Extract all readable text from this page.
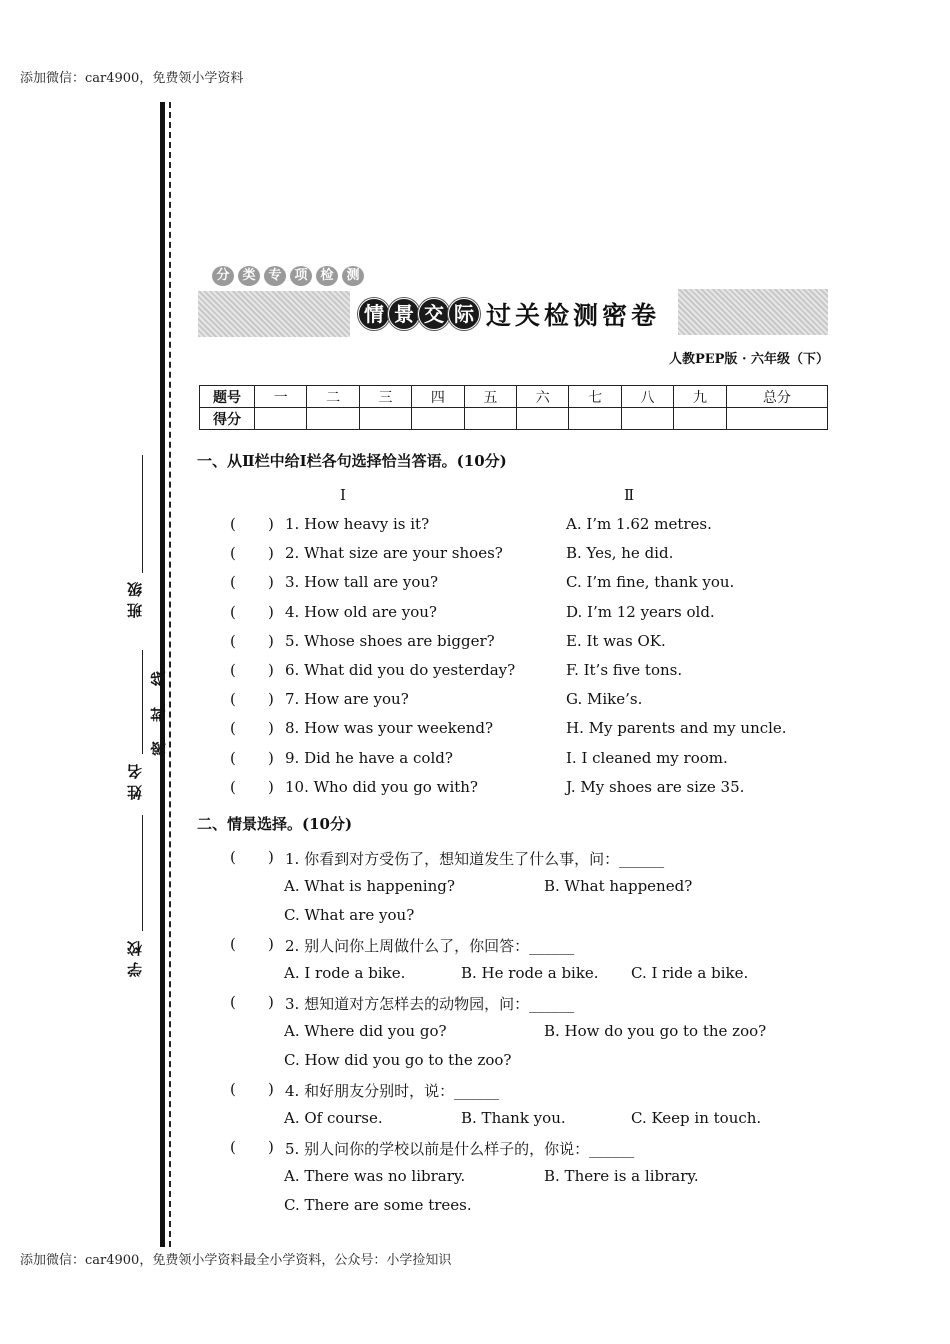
添加微信：car4900，免费领小学资料
添加微信：car4900，免费领小学资料最全小学资料，公众号：小学捡知识
班级
姓名
学校
密
封
线
分 类 专 项 检 测
情 景 交 际 过关检测密卷
人教PEP版 · 六年级（下）
题号	一	二	三	四	五	六	七	八	九	总分
得分										
一、从Ⅱ栏中给Ⅰ栏各句选择恰当答语。(10分)
Ⅰ	Ⅱ
( ) 1. How heavy is it?	A. I’m 1.62 metres.
( ) 2. What size are your shoes?	B. Yes, he did.
( ) 3. How tall are you?	C. I’m fine, thank you.
( ) 4. How old are you?	D. I’m 12 years old.
( ) 5. Whose shoes are bigger?	E. It was OK.
( ) 6. What did you do yesterday?	F. It’s five tons.
( ) 7. How are you?	G. Mike’s.
( ) 8. How was your weekend?	H. My parents and my uncle.
( ) 9. Did he have a cold?	I. I cleaned my room.
( ) 10. Who did you go with?	J. My shoes are size 35.
二、情景选择。(10分)
( ) 1. 你看到对方受伤了，想知道发生了什么事，问：______
A. What is happening?	B. What happened?
C. What are you?
( ) 2. 别人问你上周做什么了，你回答：______
A. I rode a bike.	B. He rode a bike. C. I ride a bike.
( ) 3. 想知道对方怎样去的动物园，问：______
A. Where did you go?	B. How do you go to the zoo?
C. How did you go to the zoo?
( ) 4. 和好朋友分别时，说：______
A. Of course.	B. Thank you.	C. Keep in touch.
( ) 5. 别人问你的学校以前是什么样子的，你说：______
A. There was no library.	B. There is a library.
C. There are some trees.
